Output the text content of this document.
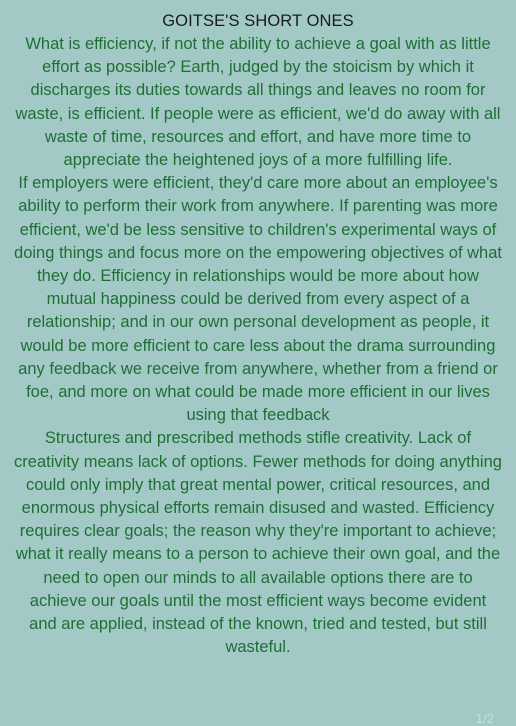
GOITSE'S SHORT ONES

What is efficiency, if not the ability to achieve a goal with as little effort as possible? Earth, judged by the stoicism by which it discharges its duties towards all things and leaves no room for waste, is efficient. If people were as efficient, we'd do away with all waste of time, resources and effort, and have more time to appreciate the heightened joys of a more fulfilling life.

If employers were efficient, they'd care more about an employee's ability to perform their work from anywhere. If parenting was more efficient, we'd be less sensitive to children's experimental ways of doing things and focus more on the empowering objectives of what they do. Efficiency in relationships would be more about how mutual happiness could be derived from every aspect of a relationship; and in our own personal development as people, it would be more efficient to care less about the drama surrounding any feedback we receive from anywhere, whether from a friend or foe, and more on what could be made more efficient in our lives using that feedback

Structures and prescribed methods stifle creativity. Lack of creativity means lack of options. Fewer methods for doing anything could only imply that great mental power, critical resources, and enormous physical efforts remain disused and wasted. Efficiency requires clear goals; the reason why they're important to achieve; what it really means to a person to achieve their own goal, and the need to open our minds to all available options there are to achieve our goals until the most efficient ways become evident and are applied, instead of the known, tried and tested, but still wasteful.

1/2
